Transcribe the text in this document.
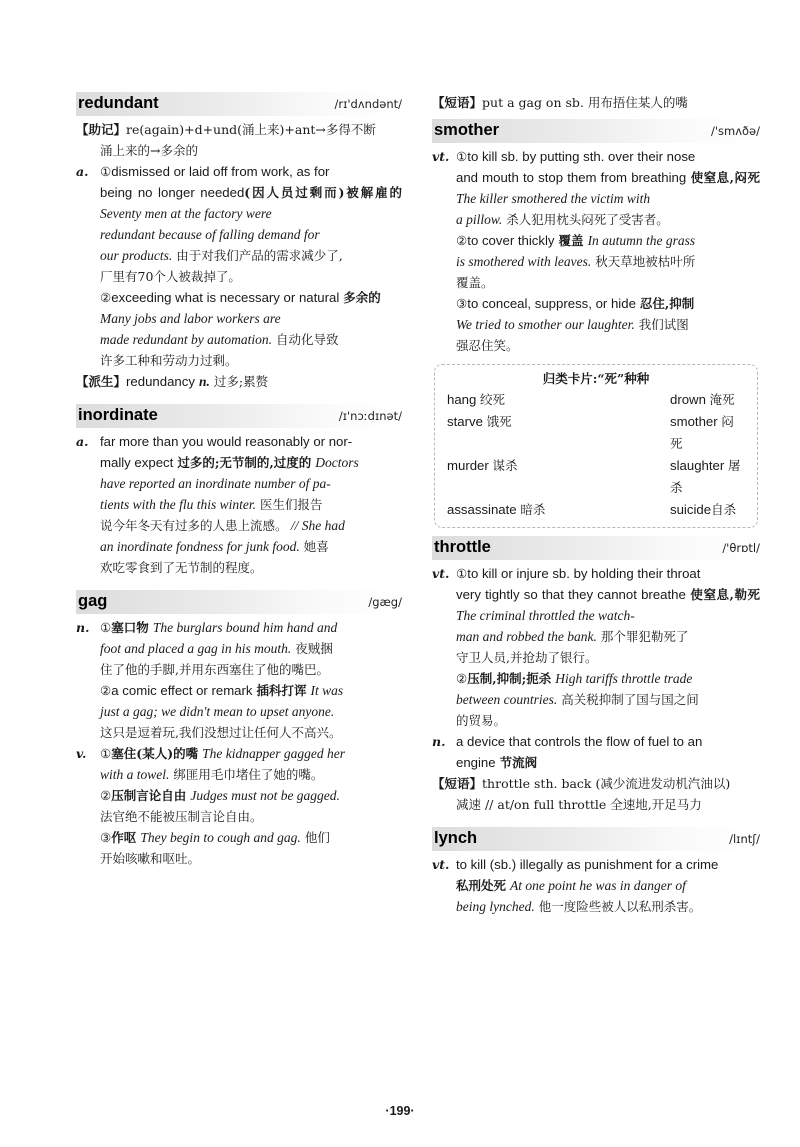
redundant	/rɪ'dʌndənt/

【助记】re(again)+d+und(涌上来)+ant→多得不断

涌上来的→多余的

a. ①dismissed or laid off from work, as for

being no longer needed(因人员过剩而)被解雇的 Seventy men at the factory were

redundant because of falling demand for

our products. 由于对我们产品的需求减少了,

厂里有70个人被裁掉了。

②exceeding what is necessary or natural 多余的

Many jobs and labor workers are

made redundant by automation. 自动化导致

许多工种和劳动力过剩。

【派生】redundancy n. 过多;累赘

inordinate	/ɪ'nɔːdɪnət/

a. far more than you would reasonably or nor-

mally expect 过多的;无节制的,过度的 Doctors

have reported an inordinate number of pa-

tients with the flu this winter. 医生们报告

说今年冬天有过多的人患上流感。 // She had

an inordinate fondness for junk food. 她喜

欢吃零食到了无节制的程度。

gag	/gæg/

n. ①塞口物 The burglars bound him hand and

foot and placed a gag in his mouth. 夜贼捆

住了他的手脚,并用东西塞住了他的嘴巴。

②a comic effect or remark 插科打诨 It was

just a gag; we didn't mean to upset anyone.

这只是逗着玩,我们没想过让任何人不高兴。

v. ①塞住(某人)的嘴 The kidnapper gagged her

with a towel. 绑匪用毛巾堵住了她的嘴。

②压制言论自由 Judges must not be gagged.

法官绝不能被压制言论自由。

③作呕 They begin to cough and gag. 他们

开始咳嗽和呕吐。

【短语】put a gag on sb. 用布捂住某人的嘴

smother	/'smʌðə/

vt. ①to kill sb. by putting sth. over their nose

and mouth to stop them from breathing 使窒息,闷死 The killer smothered the victim with

a pillow. 杀人犯用枕头闷死了受害者。

②to cover thickly 覆盖 In autumn the grass

is smothered with leaves. 秋天草地被枯叶所

覆盖。

③to conceal, suppress, or hide 忍住,抑制

We tried to smother our laughter. 我们试图

强忍住笑。

归类卡片:“死”种种
hang 绞死	drown 淹死
starve 饿死	smother 闷死
murder 谋杀	slaughter 屠杀
assassinate 暗杀	suicide自杀
throttle	/'θrɒtl/

vt. ①to kill or injure sb. by holding their throat

very tightly so that they cannot breathe 使窒息,勒死 The criminal throttled the watch-

man and robbed the bank. 那个罪犯勒死了

守卫人员,并抢劫了银行。

②压制,抑制;扼杀 High tariffs throttle trade

between countries. 高关税抑制了国与国之间

的贸易。

n. a device that controls the flow of fuel to an

engine 节流阀

【短语】throttle sth. back (减少流进发动机汽油以)

减速 // at/on full throttle 全速地,开足马力

lynch	/lɪntʃ/

vt. to kill (sb.) illegally as punishment for a crime

私刑处死 At one point he was in danger of

being lynched. 他一度险些被人以私刑杀害。

·199·
